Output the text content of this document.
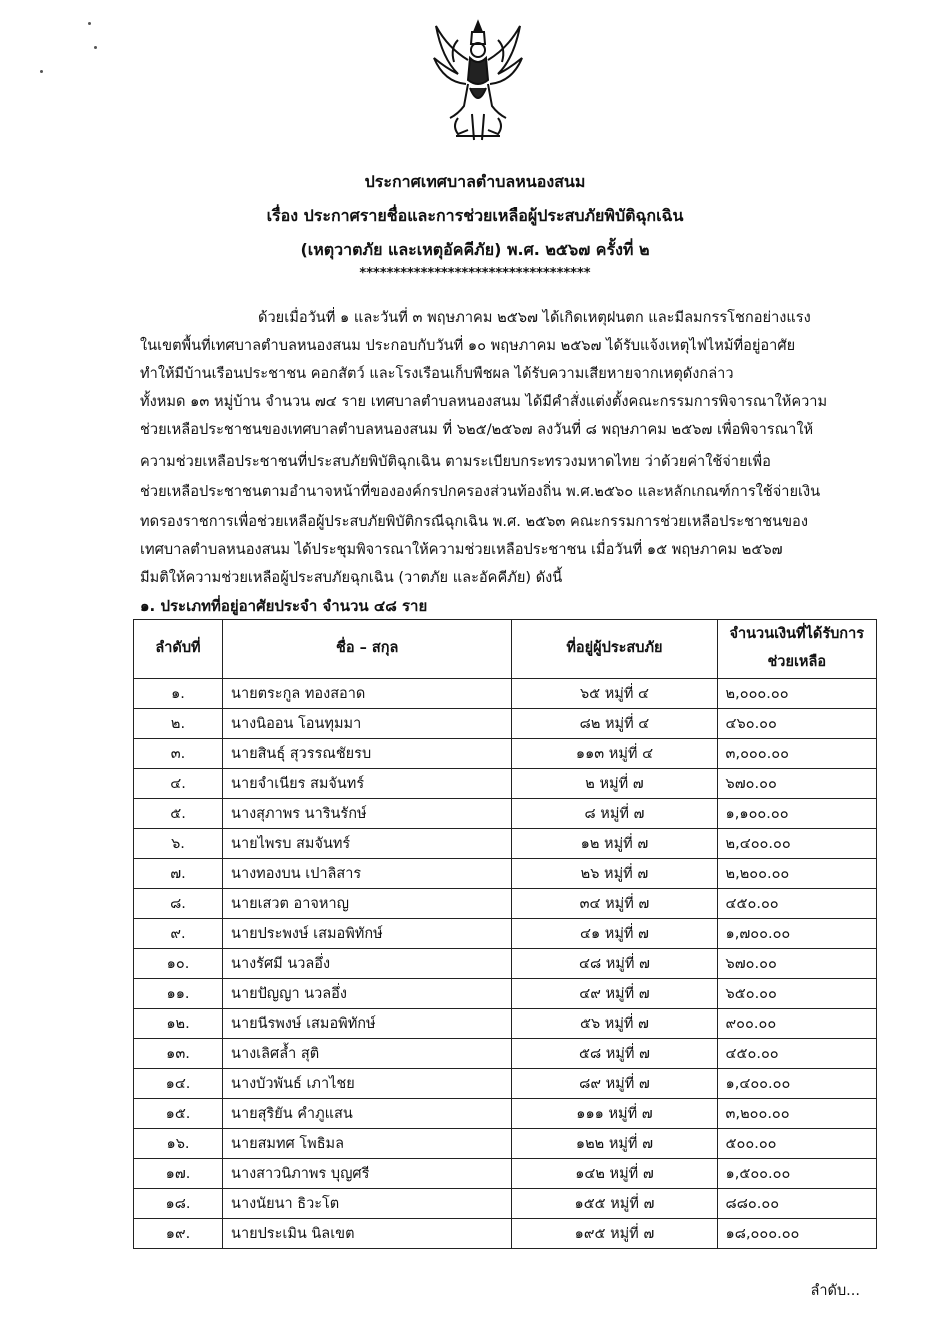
ประกาศเทศบาลตำบลหนองสนม
เรื่อง ประกาศรายชื่อและการช่วยเหลือผู้ประสบภัยพิบัติฉุกเฉิน
(เหตุวาตภัย และเหตุอัคคีภัย) พ.ศ. ๒๕๖๗ ครั้งที่ ๒
**********************************
ด้วยเมื่อวันที่ ๑ และวันที่ ๓ พฤษภาคม ๒๕๖๗ ได้เกิดเหตุฝนตก และมีลมกรรโชกอย่างแรง
ในเขตพื้นที่เทศบาลตำบลหนองสนม ประกอบกับวันที่ ๑๐ พฤษภาคม ๒๕๖๗ ได้รับแจ้งเหตุไฟไหม้ที่อยู่อาศัย
ทำให้มีบ้านเรือนประชาชน คอกสัตว์ และโรงเรือนเก็บพืชผล ได้รับความเสียหายจากเหตุดังกล่าว
ทั้งหมด ๑๓ หมู่บ้าน จำนวน ๗๔ ราย เทศบาลตำบลหนองสนม ได้มีคำสั่งแต่งตั้งคณะกรรมการพิจารณาให้ความ
ช่วยเหลือประชาชนของเทศบาลตำบลหนองสนม ที่ ๖๒๕/๒๕๖๗ ลงวันที่ ๘ พฤษภาคม ๒๕๖๗ เพื่อพิจารณาให้
ความช่วยเหลือประชาชนที่ประสบภัยพิบัติฉุกเฉิน ตามระเบียบกระทรวงมหาดไทย ว่าด้วยค่าใช้จ่ายเพื่อ
ช่วยเหลือประชาชนตามอำนาจหน้าที่ขององค์กรปกครองส่วนท้องถิ่น พ.ศ.๒๕๖๐ และหลักเกณฑ์การใช้จ่ายเงิน
ทดรองราชการเพื่อช่วยเหลือผู้ประสบภัยพิบัติกรณีฉุกเฉิน พ.ศ. ๒๕๖๓ คณะกรรมการช่วยเหลือประชาชนของ
เทศบาลตำบลหนองสนม ได้ประชุมพิจารณาให้ความช่วยเหลือประชาชน เมื่อวันที่ ๑๕ พฤษภาคม ๒๕๖๗
มีมติให้ความช่วยเหลือผู้ประสบภัยฉุกเฉิน (วาตภัย และอัคคีภัย) ดังนี้
๑. ประเภทที่อยู่อาศัยประจำ จำนวน ๔๘ ราย
ลำดับที่	ชื่อ – สกุล	ที่อยู่ผู้ประสบภัย	จำนวนเงินที่ได้รับการ
ช่วยเหลือ
๑.	นายตระกูล ทองสอาด	๖๕ หมู่ที่ ๔	๒,๐๐๐.๐๐
๒.	นางนิออน โอนทุมมา	๘๒ หมู่ที่ ๔	๔๖๐.๐๐
๓.	นายสินธุ์ สุวรรณชัยรบ	๑๑๓ หมู่ที่ ๔	๓,๐๐๐.๐๐
๔.	นายจำเนียร สมจันทร์	๒ หมู่ที่ ๗	๖๗๐.๐๐
๕.	นางสุภาพร นารินรักษ์	๘ หมู่ที่ ๗	๑,๑๐๐.๐๐
๖.	นายไพรบ สมจันทร์	๑๒ หมู่ที่ ๗	๒,๔๐๐.๐๐
๗.	นางทองบน เปาลิสาร	๒๖ หมู่ที่ ๗	๒,๒๐๐.๐๐
๘.	นายเสวต อาจหาญ	๓๔ หมู่ที่ ๗	๔๕๐.๐๐
๙.	นายประพงษ์ เสมอพิทักษ์	๔๑ หมู่ที่ ๗	๑,๗๐๐.๐๐
๑๐.	นางรัศมี นวลอึ่ง	๔๘ หมู่ที่ ๗	๖๗๐.๐๐
๑๑.	นายปัญญา นวลอึ่ง	๔๙ หมู่ที่ ๗	๖๕๐.๐๐
๑๒.	นายนีรพงษ์ เสมอพิทักษ์	๕๖ หมู่ที่ ๗	๙๐๐.๐๐
๑๓.	นางเลิศล้ำ สุติ	๕๘ หมู่ที่ ๗	๔๕๐.๐๐
๑๔.	นางบัวพันธ์ เภาไชย	๘๙ หมู่ที่ ๗	๑,๔๐๐.๐๐
๑๕.	นายสุริยัน คำภูแสน	๑๑๑ หมู่ที่ ๗	๓,๒๐๐.๐๐
๑๖.	นายสมทศ โพธิมล	๑๒๒ หมู่ที่ ๗	๕๐๐.๐๐
๑๗.	นางสาวนิภาพร บุญศรี	๑๔๒ หมู่ที่ ๗	๑,๕๐๐.๐๐
๑๘.	นางนัยนา ธิวะโต	๑๕๕ หมู่ที่ ๗	๘๘๐.๐๐
๑๙.	นายประเมิน นิลเขต	๑๙๕ หมู่ที่ ๗	๑๘,๐๐๐.๐๐
ลำดับ...
